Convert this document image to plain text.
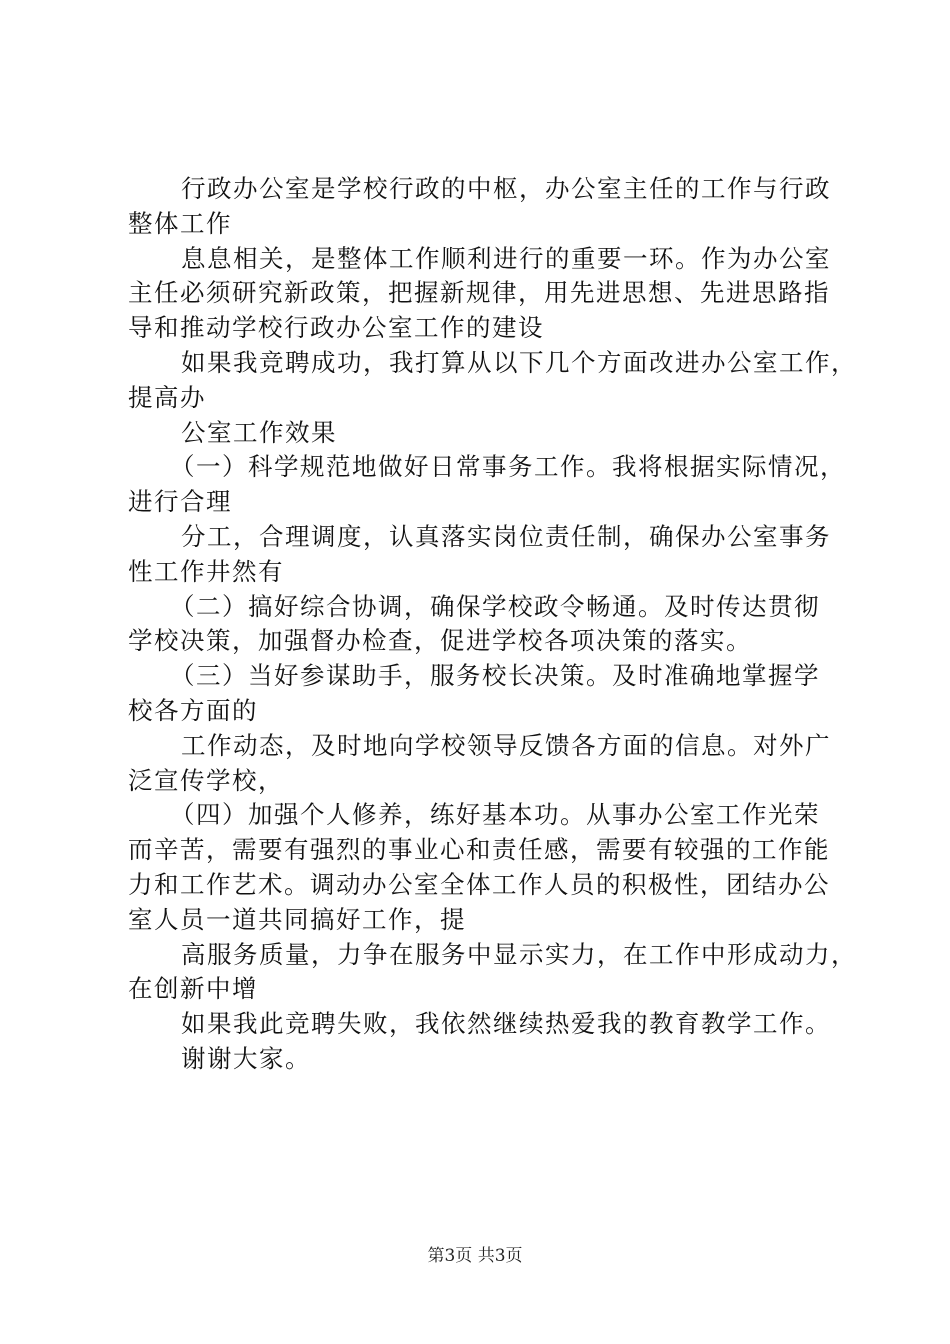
行政办公室是学校行政的中枢，办公室主任的工作与行政
整体工作
息息相关，是整体工作顺利进行的重要一环。作为办公室
主任必须研究新政策，把握新规律，用先进思想、先进思路指
导和推动学校行政办公室工作的建设
如果我竞聘成功，我打算从以下几个方面改进办公室工作，
提高办
公室工作效果
（一）科学规范地做好日常事务工作。我将根据实际情况，
进行合理
分工，合理调度，认真落实岗位责任制，确保办公室事务
性工作井然有
（二）搞好综合协调，确保学校政令畅通。及时传达贯彻
学校决策，加强督办检查，促进学校各项决策的落实。
（三）当好参谋助手，服务校长决策。及时准确地掌握学
校各方面的
工作动态，及时地向学校领导反馈各方面的信息。对外广
泛宣传学校，
（四）加强个人修养，练好基本功。从事办公室工作光荣
而辛苦，需要有强烈的事业心和责任感，需要有较强的工作能
力和工作艺术。调动办公室全体工作人员的积极性，团结办公
室人员一道共同搞好工作，提
高服务质量，力争在服务中显示实力，在工作中形成动力，
在创新中增
如果我此竞聘失败，我依然继续热爱我的教育教学工作。
谢谢大家。
第3页 共3页
